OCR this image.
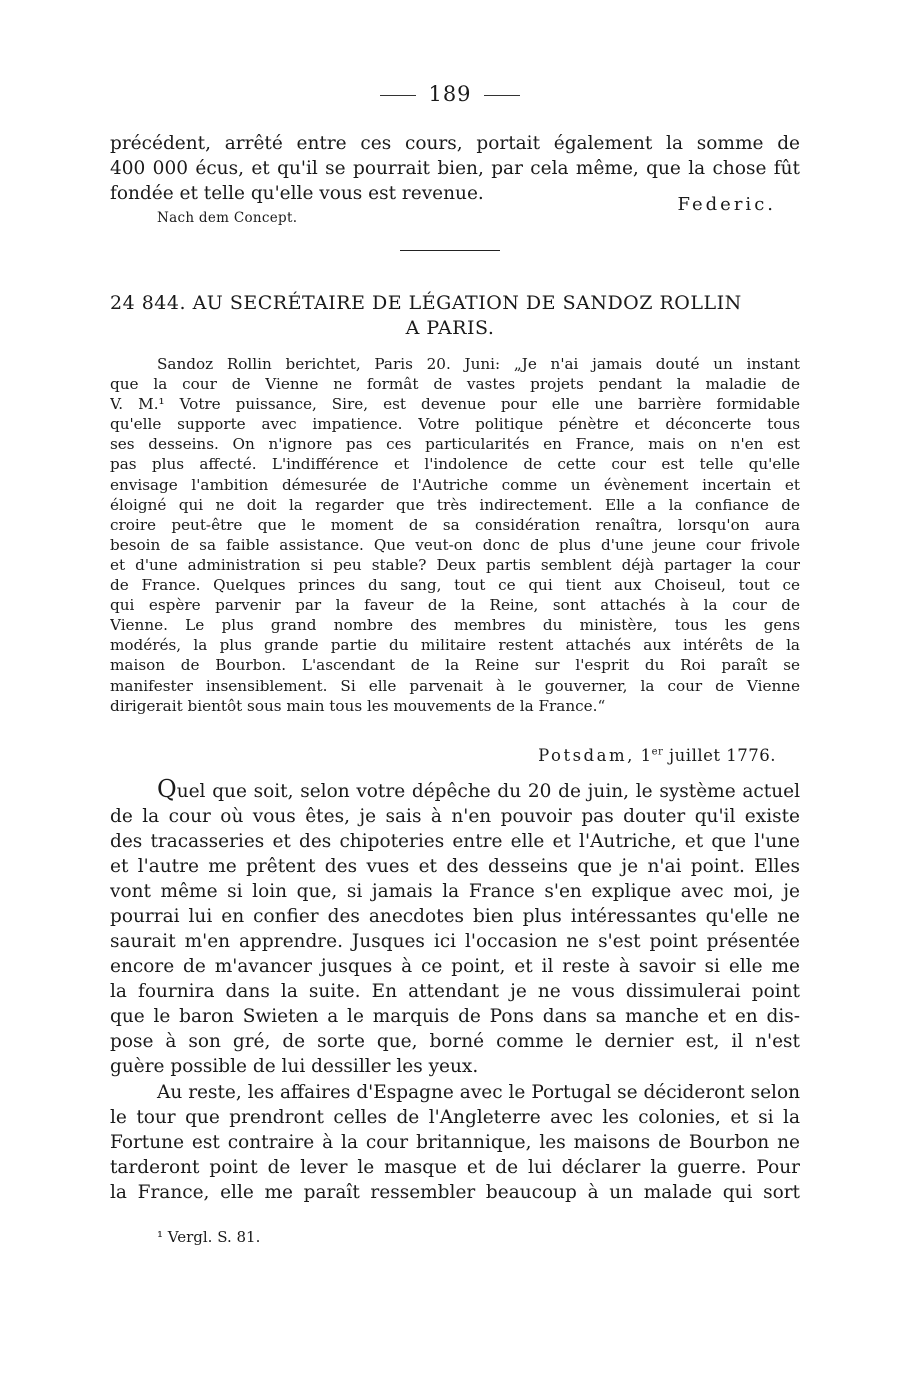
189
précédent, arrêté entre ces cours, portait également la somme de
400 000 écus, et qu'il se pourrait bien, par cela même, que la chose fût
fondée et telle qu'elle vous est revenue.
Federic.
Nach dem Concept.
24 844. AU SECRÉTAIRE DE LÉGATION DE SANDOZ ROLLIN
A PARIS.
Sandoz Rollin berichtet, Paris 20. Juni: „Je n'ai jamais douté un instant
que la cour de Vienne ne formât de vastes projets pendant la maladie de
V. M.¹ Votre puissance, Sire, est devenue pour elle une barrière formidable
qu'elle supporte avec impatience. Votre politique pénètre et déconcerte tous
ses desseins. On n'ignore pas ces particularités en France, mais on n'en est
pas plus affecté. L'indifférence et l'indolence de cette cour est telle qu'elle
envisage l'ambition démesurée de l'Autriche comme un évènement incertain et
éloigné qui ne doit la regarder que très indirectement. Elle a la confiance de
croire peut-être que le moment de sa considération renaîtra, lorsqu'on aura
besoin de sa faible assistance. Que veut-on donc de plus d'une jeune cour frivole
et d'une administration si peu stable? Deux partis semblent déjà partager la cour
de France. Quelques princes du sang, tout ce qui tient aux Choiseul, tout ce
qui espère parvenir par la faveur de la Reine, sont attachés à la cour de
Vienne. Le plus grand nombre des membres du ministère, tous les gens
modérés, la plus grande partie du militaire restent attachés aux intérêts de la
maison de Bourbon. L'ascendant de la Reine sur l'esprit du Roi paraît se
manifester insensiblement. Si elle parvenait à le gouverner, la cour de Vienne
dirigerait bientôt sous main tous les mouvements de la France.“
Potsdam, 1er juillet 1776.
Quel que soit, selon votre dépêche du 20 de juin, le système actuel
de la cour où vous êtes, je sais à n'en pouvoir pas douter qu'il existe
des tracasseries et des chipoteries entre elle et l'Autriche, et que l'une
et l'autre me prêtent des vues et des desseins que je n'ai point. Elles
vont même si loin que, si jamais la France s'en explique avec moi, je
pourrai lui en confier des anecdotes bien plus intéressantes qu'elle ne
saurait m'en apprendre. Jusques ici l'occasion ne s'est point présentée
encore de m'avancer jusques à ce point, et il reste à savoir si elle me
la fournira dans la suite. En attendant je ne vous dissimulerai point
que le baron Swieten a le marquis de Pons dans sa manche et en dis-
pose à son gré, de sorte que, borné comme le dernier est, il n'est
guère possible de lui dessiller les yeux.
Au reste, les affaires d'Espagne avec le Portugal se décideront selon
le tour que prendront celles de l'Angleterre avec les colonies, et si la
Fortune est contraire à la cour britannique, les maisons de Bourbon ne
tarderont point de lever le masque et de lui déclarer la guerre. Pour
la France, elle me paraît ressembler beaucoup à un malade qui sort
¹ Vergl. S. 81.
